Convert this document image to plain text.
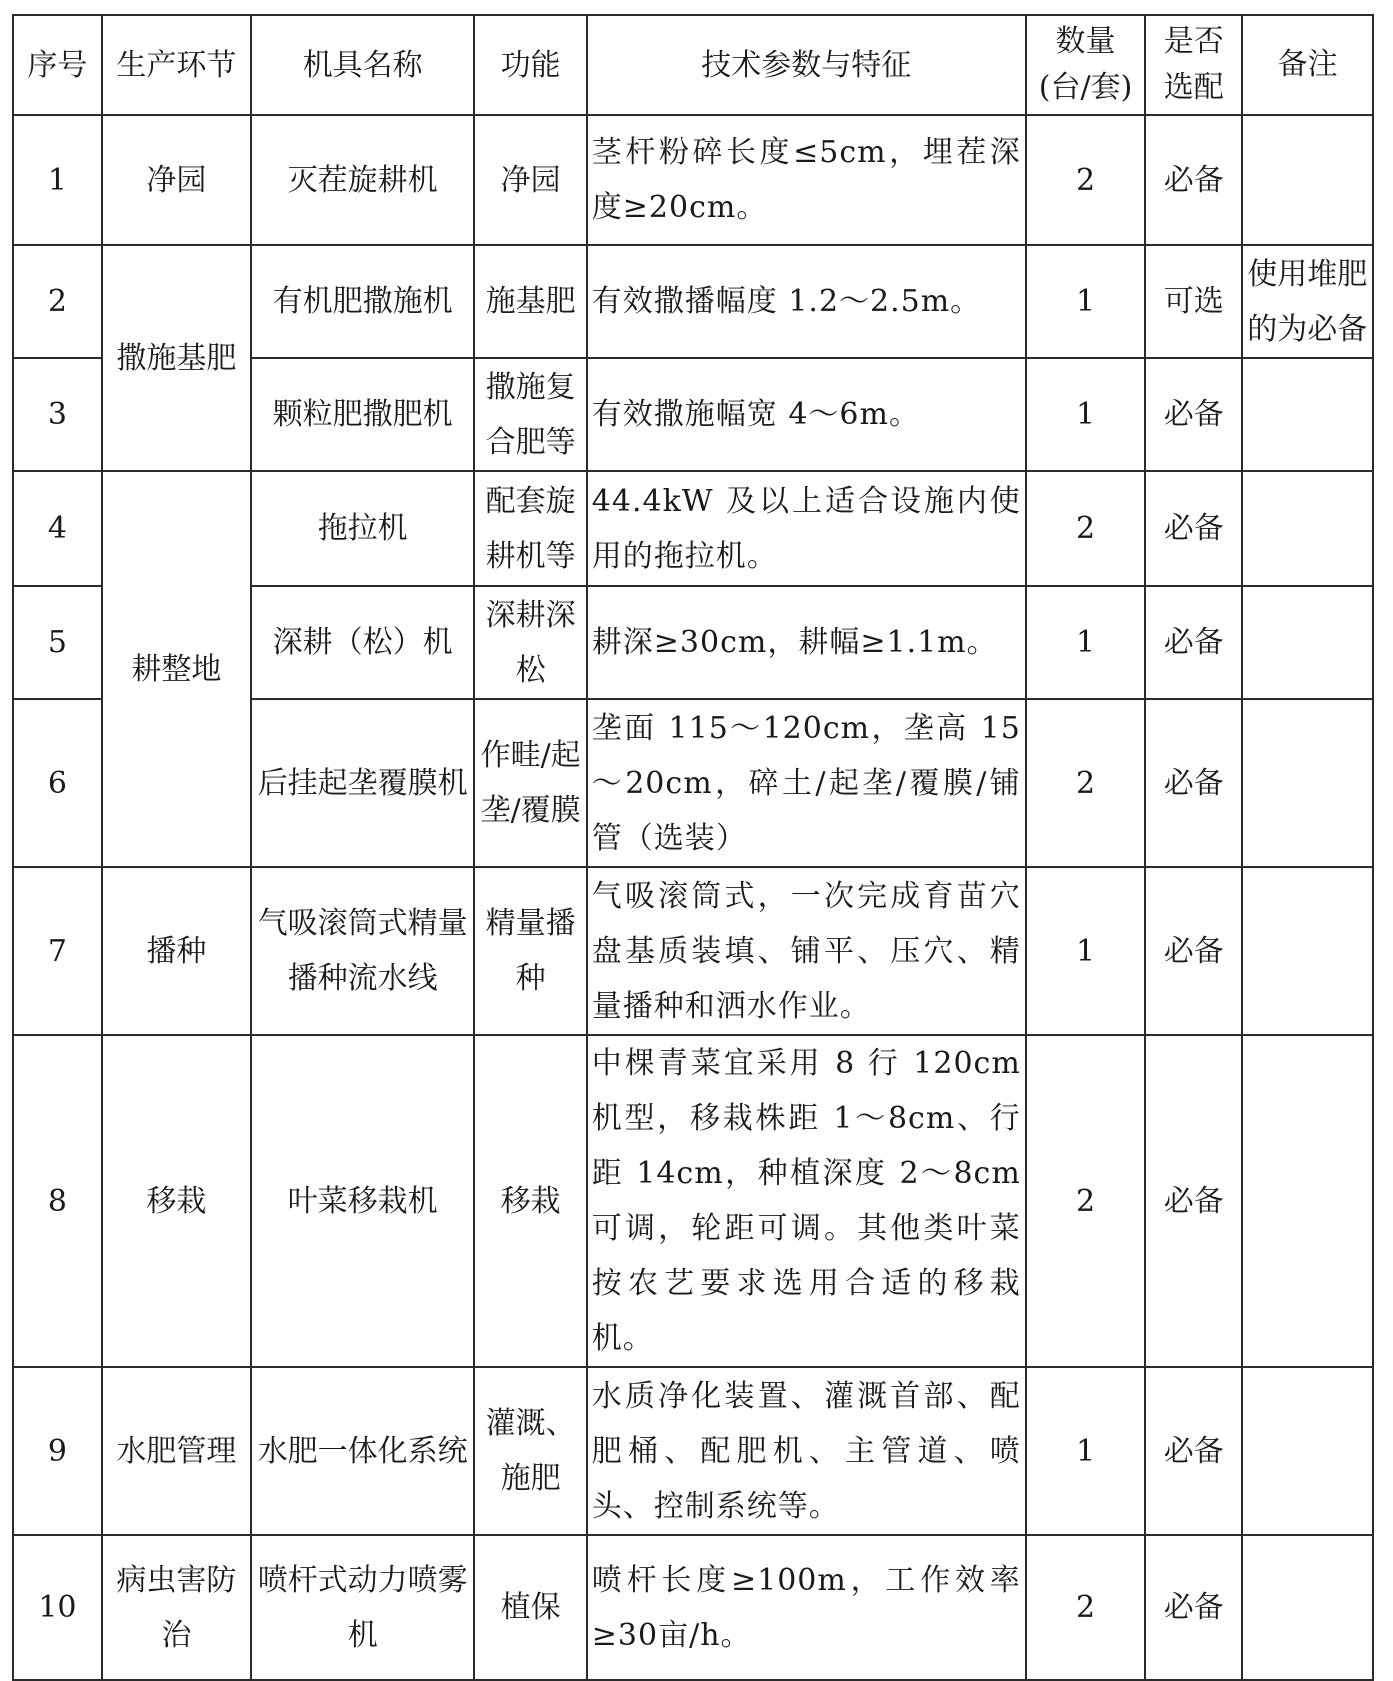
序号	生产环节	机具名称	功能	技术参数与特征	数量(台/套)	是否选配	备注
1	净园	灭茬旋耕机	净园	茎杆粉碎长度≤5cm，埋茬深度≥20cm。	2	必备	
2	撒施基肥	有机肥撒施机	施基肥	有效撒播幅度 1.2～2.5m。	1	可选	使用堆肥的为必备
3		颗粒肥撒肥机	撒施复合肥等	有效撒施幅宽 4～6m。	1	必备	
4	耕整地	拖拉机	配套旋耕机等	44.4kW 及以上适合设施内使用的拖拉机。	2	必备	
5		深耕（松）机	深耕深松	耕深≥30cm，耕幅≥1.1m。	1	必备	
6		后挂起垄覆膜机	作畦/起垄/覆膜	垄面 115～120cm，垄高 15～20cm，碎土/起垄/覆膜/铺管（选装）	2	必备	
7	播种	气吸滚筒式精量播种流水线	精量播种	气吸滚筒式，一次完成育苗穴盘基质装填、铺平、压穴、精量播种和洒水作业。	1	必备	
8	移栽	叶菜移栽机	移栽	中棵青菜宜采用 8 行 120cm 机型，移栽株距 1～8cm、行距 14cm，种植深度 2～8cm 可调，轮距可调。其他类叶菜按农艺要求选用合适的移栽机。	2	必备	
9	水肥管理	水肥一体化系统	灌溉、施肥	水质净化装置、灌溉首部、配肥桶、配肥机、主管道、喷头、控制系统等。	1	必备	
10	病虫害防治	喷杆式动力喷雾机	植保	喷杆长度≥100m，工作效率≥30亩/h。	2	必备	
